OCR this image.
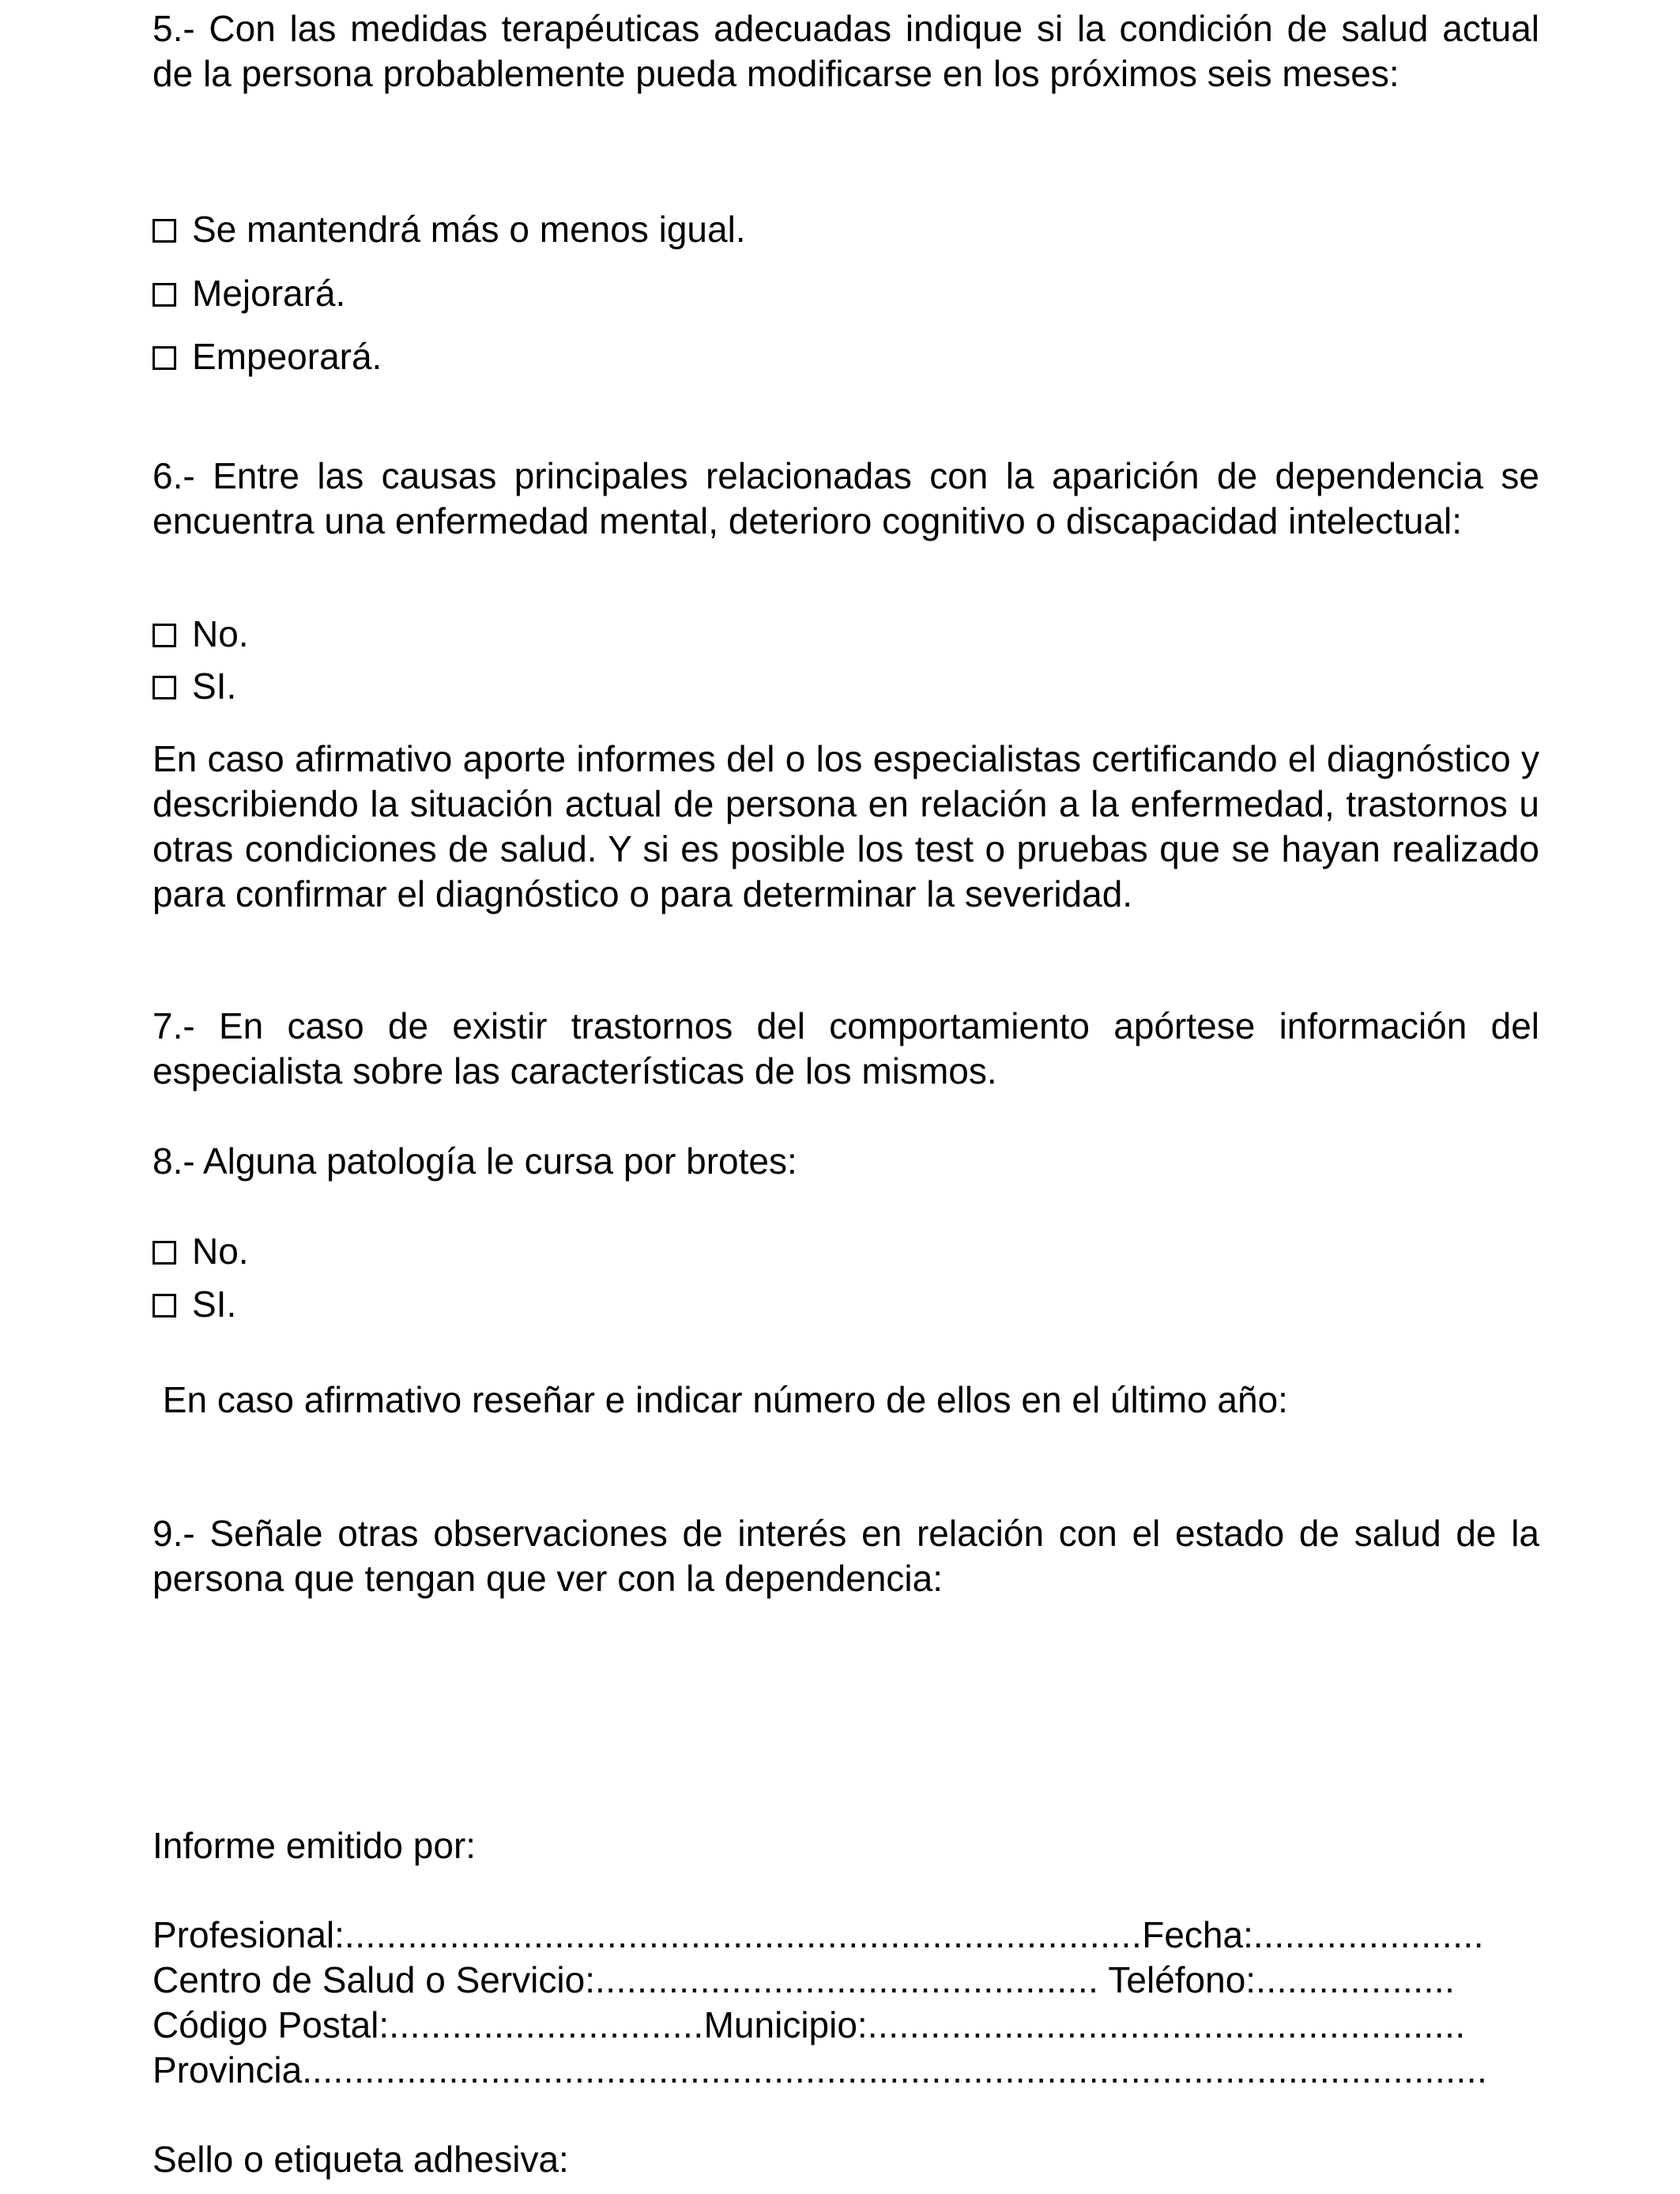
5.- Con las medidas terapéuticas adecuadas indique si la condición de salud actual de la persona probablemente pueda modificarse en los próximos seis meses:

Se mantendrá más o menos igual.
Mejorará.
Empeorará.

6.- Entre las causas principales relacionadas con la aparición de dependencia se encuentra una enfermedad mental, deterioro cognitivo o discapacidad intelectual:

No.
SI.

En caso afirmativo aporte informes del o los especialistas certificando el diagnóstico y describiendo la situación actual de persona en relación a la enfermedad, trastornos u otras condiciones de salud. Y si es posible los test o pruebas que se hayan realizado para confirmar el diagnóstico o para determinar la severidad.

7.- En caso de existir trastornos del comportamiento apórtese información del especialista sobre las características de los mismos.

8.- Alguna patología le cursa por brotes:

No.
SI.

En caso afirmativo reseñar e indicar número de ellos en el último año:

9.- Señale otras observaciones de interés en relación con el estado de salud de la persona que tengan que ver con la dependencia:

Informe emitido por:

Profesional:............................................................................Fecha:......................
Centro de Salud o Servicio:................................................ Teléfono:...................
Código Postal:..............................Municipio:.........................................................
Provincia.................................................................................................................

Sello o etiqueta adhesiva:
